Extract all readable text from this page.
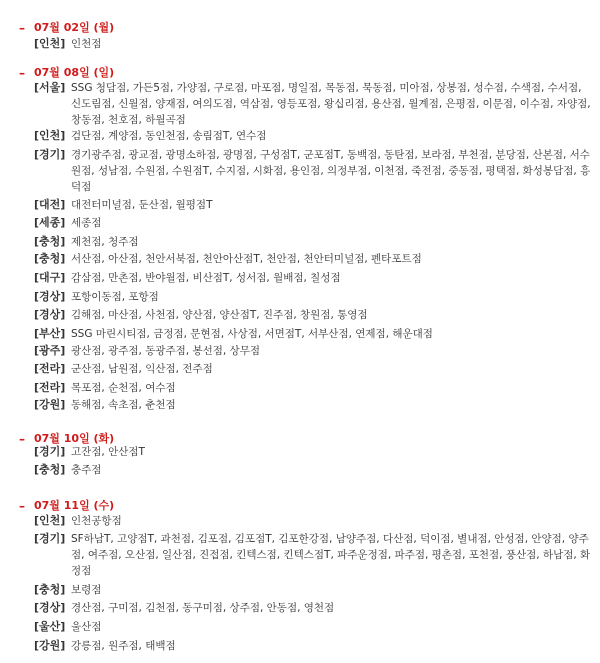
– 07월 02일 (월)
[인천] 인천점
– 07월 08일 (일)
[서울] SSG 청담점, 가든5점, 가양점, 구로점, 마포점, 명일점, 목동점, 묵동점, 미아점, 상봉점, 성수점, 수색점, 수서점, 신도림점, 신월점, 양재점, 여의도점, 역삼점, 영등포점, 왕십리점, 용산점, 월계점, 은평점, 이문점, 이수점, 자양점, 창동점, 천호점, 하월곡점
[인천] 검단점, 계양점, 동인천점, 송림점T, 연수점
[경기] 경기광주점, 광교점, 광명소하점, 광명점, 구성점T, 군포점T, 동백점, 동탄점, 보라점, 부천점, 분당점, 산본점, 서수원점, 성남점, 수원점, 수원점T, 수지점, 시화점, 용인점, 의정부점, 이천점, 죽전점, 중동점, 평택점, 화성봉담점, 흥덕점
[대전] 대전터미널점, 둔산점, 월평점T
[세종] 세종점
[충청] 제천점, 청주점
[충청] 서산점, 아산점, 천안서북점, 천안아산점T, 천안점, 천안터미널점, 펜타포트점
[대구] 감삼점, 만촌점, 반야월점, 비산점T, 성서점, 월배점, 칠성점
[경상] 포항이동점, 포항점
[경상] 김해점, 마산점, 사천점, 양산점, 양산점T, 진주점, 창원점, 통영점
[부산] SSG 마린시티점, 금정점, 문현점, 사상점, 서면점T, 서부산점, 연제점, 해운대점
[광주] 광산점, 광주점, 동광주점, 봉선점, 상무점
[전라] 군산점, 남원점, 익산점, 전주점
[전라] 목포점, 순천점, 여수점
[강원] 동해점, 속초점, 춘천점
– 07월 10일 (화)
[경기] 고잔점, 안산점T
[충청] 충주점
– 07월 11일 (수)
[인천] 인천공항점
[경기] SF하남T, 고양점T, 과천점, 김포점, 김포점T, 김포한강점, 남양주점, 다산점, 덕이점, 별내점, 안성점, 안양점, 양주점, 여주점, 오산점, 일산점, 진접점, 킨텍스점, 킨텍스점T, 파주운정점, 파주점, 평촌점, 포천점, 풍산점, 하남점, 화정점
[충청] 보령점
[경상] 경산점, 구미점, 김천점, 동구미점, 상주점, 안동점, 영천점
[울산] 울산점
[강원] 강릉점, 원주점, 태백점
